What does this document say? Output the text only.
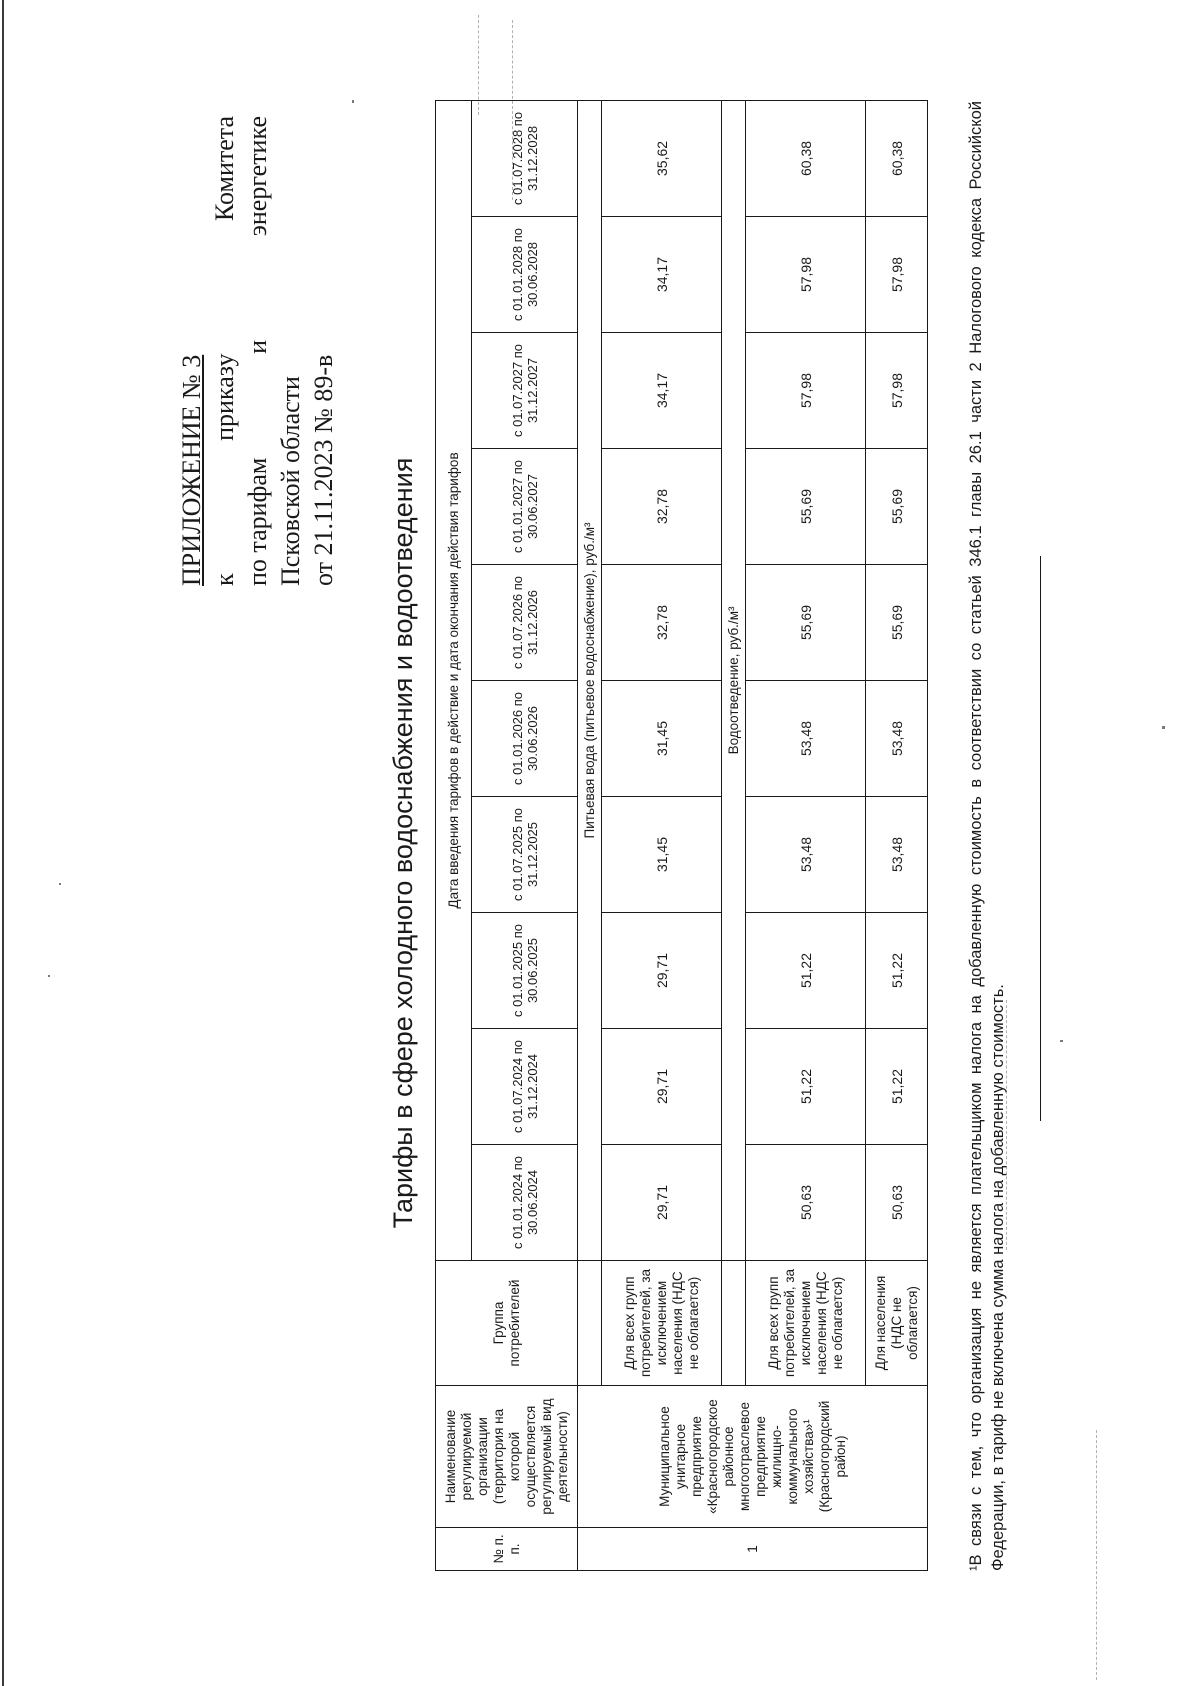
ПРИЛОЖЕНИЕ № 3 к
приказу
Комитета
по тарифам
и
энергетике
Псковской области от 21.11.2023 № 89-в Тарифы в сфере холодного водоснабжения и водоотведения
№ п. п.	Наименование регулируемой организации (территория на которой осуществляется регулируемый вид деятельности)	Группа потребителей	Дата введения тарифов в действие и дата окончания действия тарифов									
			с 01.01.2024 по 30.06.2024	с 01.07.2024 по 31.12.2024	с 01.01.2025 по 30.06.2025	с 01.07.2025 по 31.12.2025	с 01.01.2026 по 30.06.2026	с 01.07.2026 по 31.12.2026	с 01.01.2027 по 30.06.2027	с 01.07.2027 по 31.12.2027	с 01.01.2028 по 30.06.2028	с 01.07.2028 по 31.12.2028
1	Муниципальное унитарное предприятие «Красногородское районное многоотраслевое предприятие жилищно-коммунального хозяйства»¹ (Красногородский район)		Питьевая вода (питьевое водоснабжение), руб./м³									
		Для всех групп потребителей, за исключением населения (НДС не облагается)	29,71	29,71	29,71	31,45	31,45	32,78	32,78	34,17	34,17	35,62
			Водоотведение, руб./м³									
		Для всех групп потребителей, за исключением населения (НДС не облагается)	50,63	51,22	51,22	53,48	53,48	55,69	55,69	57,98	57,98	60,38
		Для населения (НДС не облагается)	50,63	51,22	51,22	53,48	53,48	55,69	55,69	57,98	57,98	60,38	¹В связи с тем, что организация не является плательщиком налога на добавленную стоимость в соответствии со статьей 346.1 главы 26.1 части 2 Налогового кодекса Российской Федерации, в тариф не включена сумма налога на добавленную стоимость.
